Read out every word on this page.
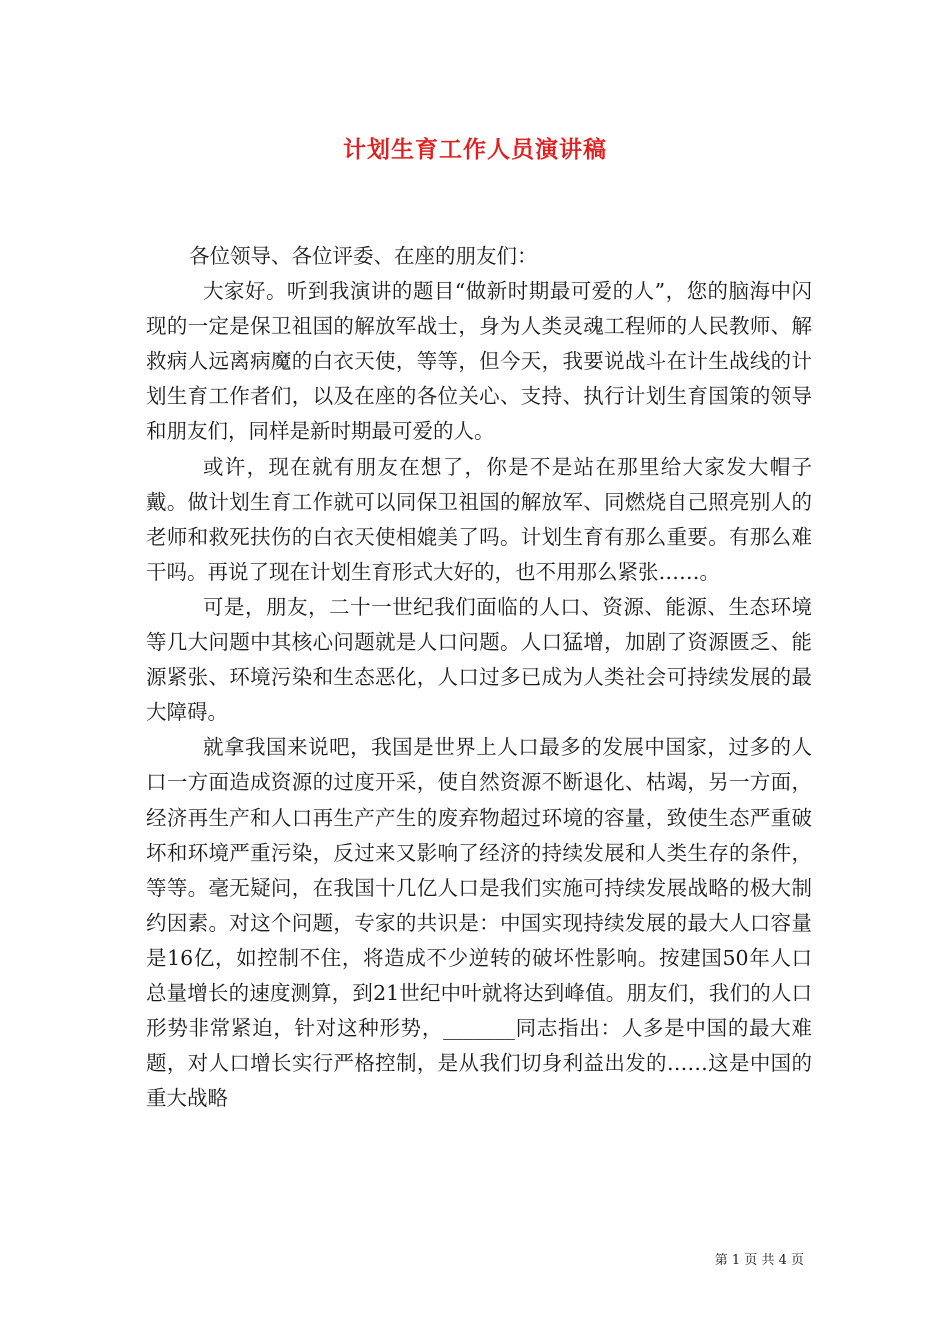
计划生育工作人员演讲稿

各位领导、各位评委、在座的朋友们：

大家好。听到我演讲的题目“做新时期最可爱的人”，您的脑海中闪现的一定是保卫祖国的解放军战士，身为人类灵魂工程师的人民教师、解救病人远离病魔的白衣天使，等等，但今天，我要说战斗在计生战线的计划生育工作者们，以及在座的各位关心、支持、执行计划生育国策的领导和朋友们，同样是新时期最可爱的人。

或许，现在就有朋友在想了，你是不是站在那里给大家发大帽子戴。做计划生育工作就可以同保卫祖国的解放军、同燃烧自己照亮别人的老师和救死扶伤的白衣天使相媲美了吗。计划生育有那么重要。有那么难干吗。再说了现在计划生育形式大好的，也不用那么紧张……。

可是，朋友，二十一世纪我们面临的人口、资源、能源、生态环境等几大问题中其核心问题就是人口问题。人口猛增，加剧了资源匮乏、能源紧张、环境污染和生态恶化，人口过多已成为人类社会可持续发展的最大障碍。

就拿我国来说吧，我国是世界上人口最多的发展中国家，过多的人口一方面造成资源的过度开采，使自然资源不断退化、枯竭，另一方面，经济再生产和人口再生产产生的废弃物超过环境的容量，致使生态严重破坏和环境严重污染，反过来又影响了经济的持续发展和人类生存的条件，等等。毫无疑问，在我国十几亿人口是我们实施可持续发展战略的极大制约因素。对这个问题，专家的共识是：中国实现持续发展的最大人口容量是16亿，如控制不住，将造成不少逆转的破坏性影响。按建国50年人口总量增长的速度测算，到21世纪中叶就将达到峰值。朋友们，我们的人口形势非常紧迫，针对这种形势，_______同志指出：人多是中国的最大难题，对人口增长实行严格控制，是从我们切身利益出发的……这是中国的重大战略

第 1 页 共 4 页
